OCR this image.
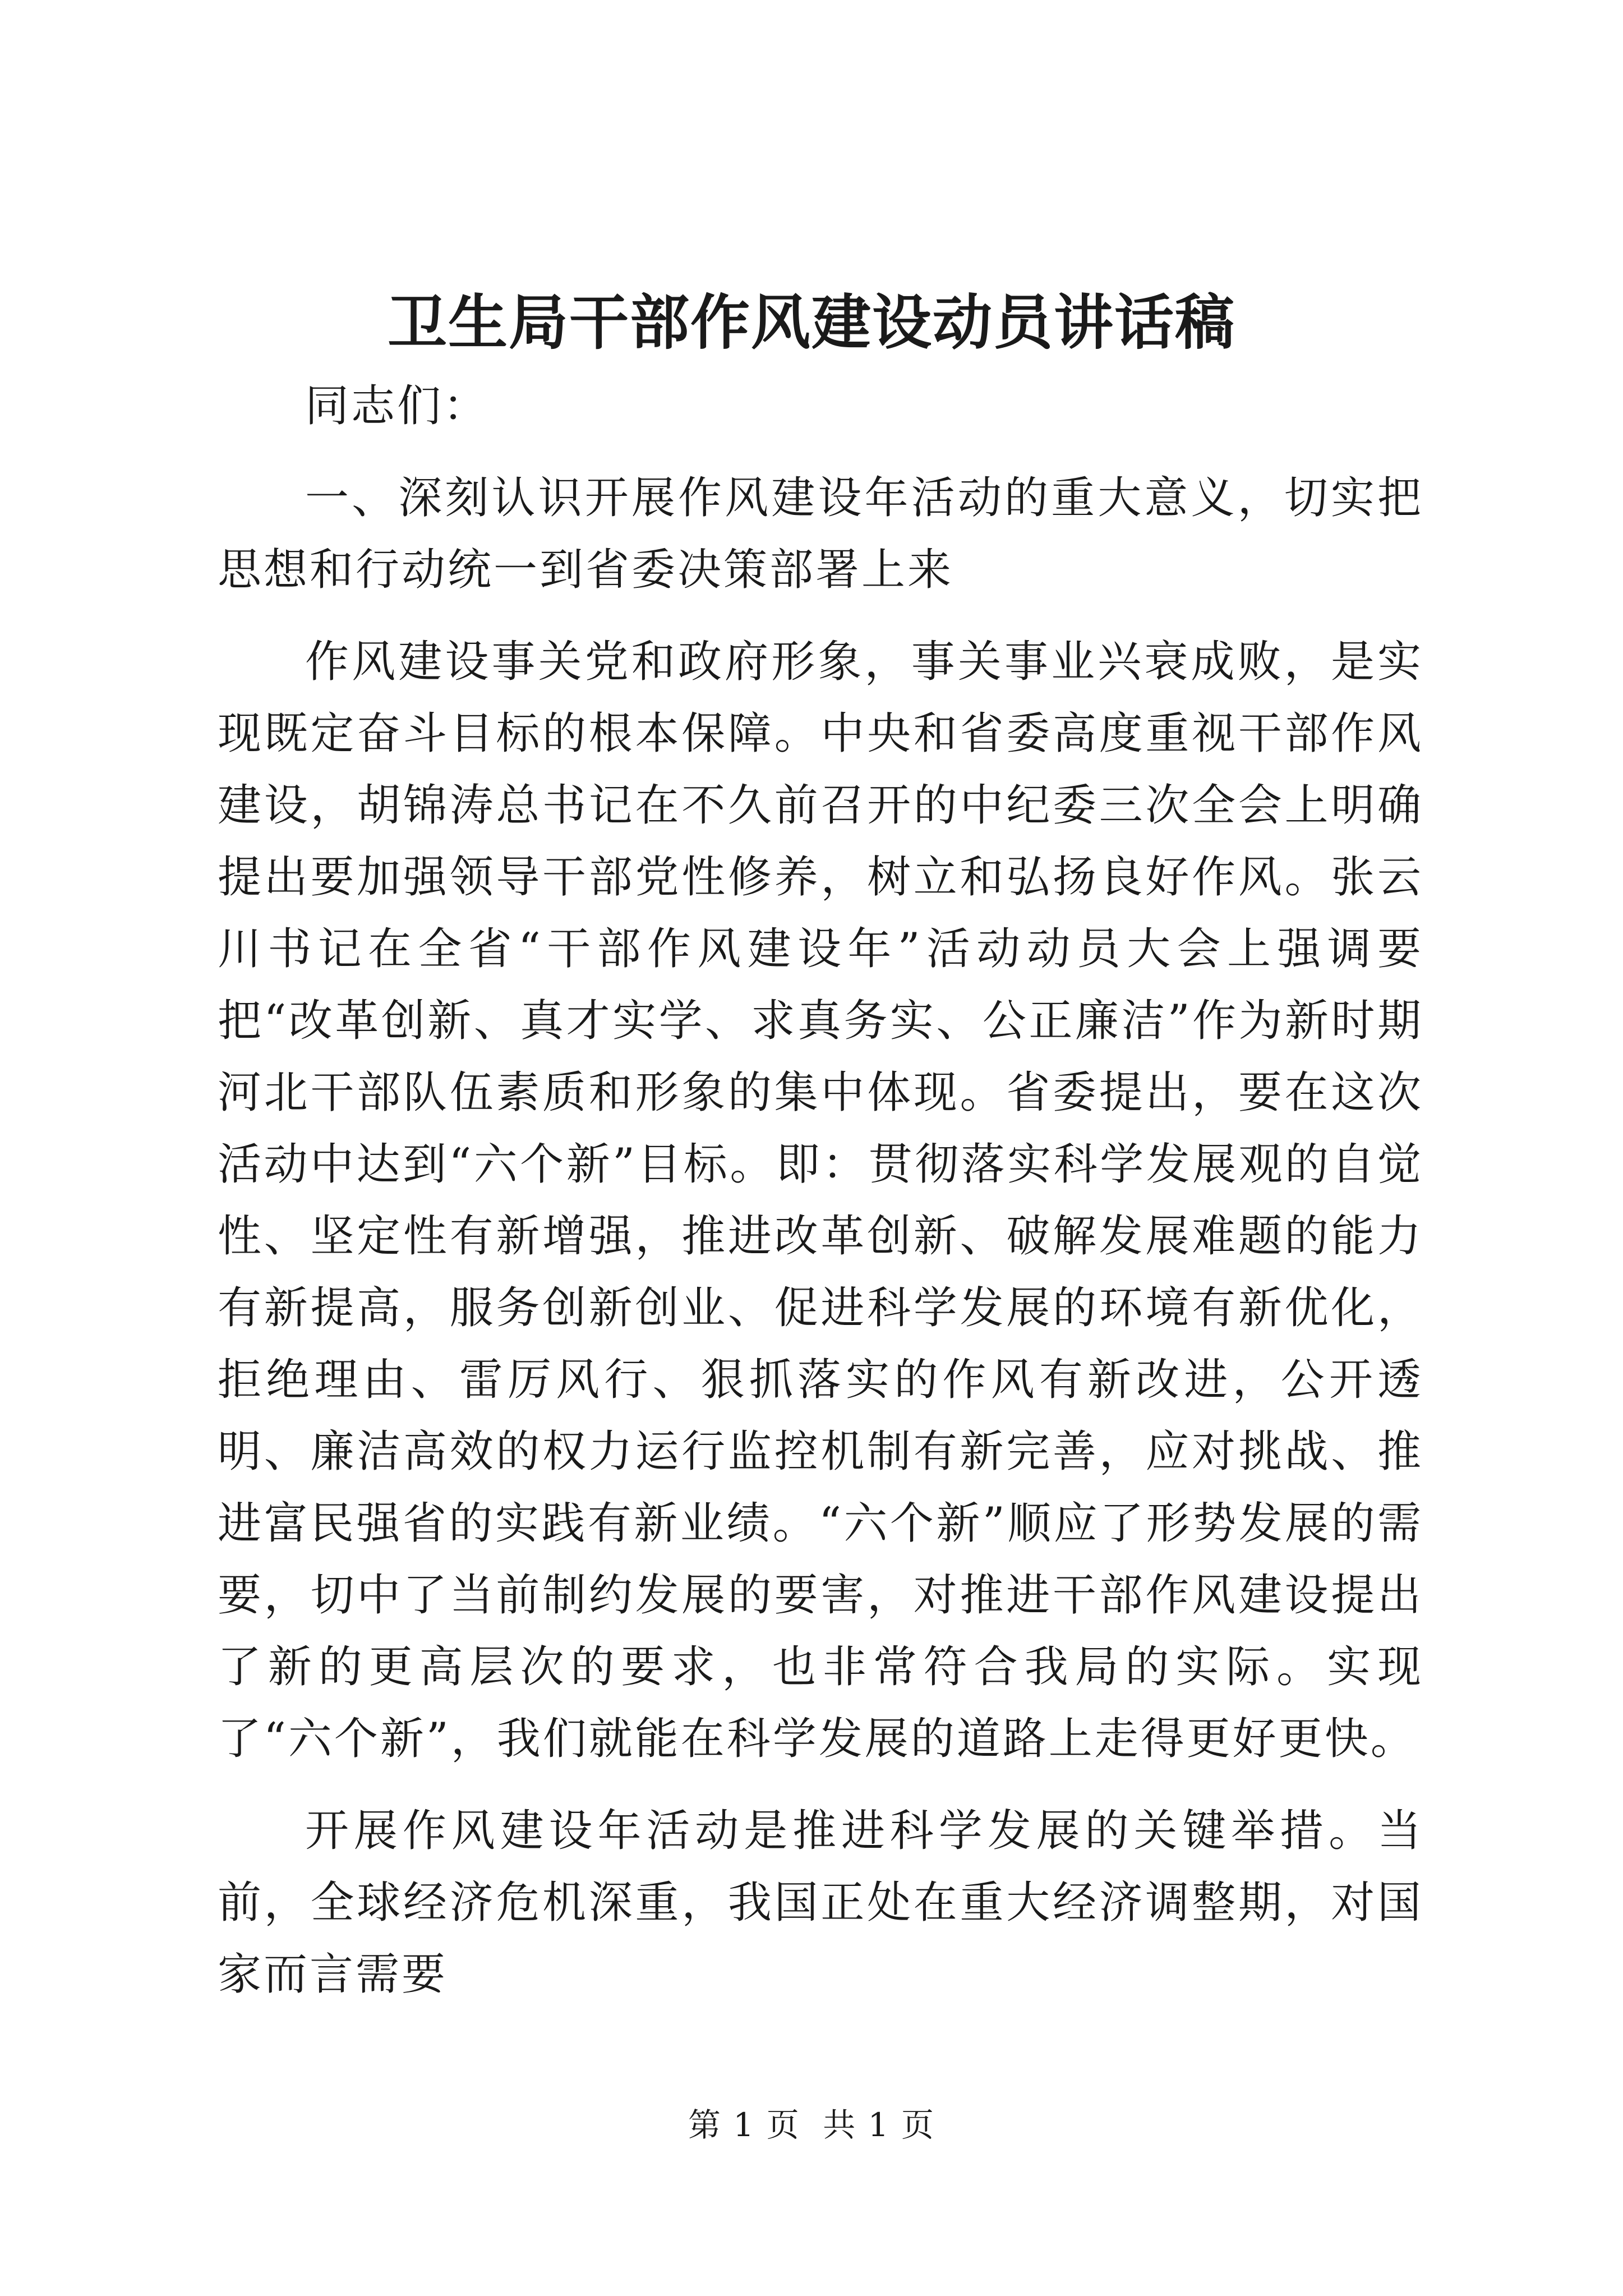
卫生局干部作风建设动员讲话稿

同志们：

一、深刻认识开展作风建设年活动的重大意义，切实把思想和行动统一到省委决策部署上来

作风建设事关党和政府形象，事关事业兴衰成败，是实现既定奋斗目标的根本保障。中央和省委高度重视干部作风建设，胡锦涛总书记在不久前召开的中纪委三次全会上明确提出要加强领导干部党性修养，树立和弘扬良好作风。张云川书记在全省“干部作风建设年”活动动员大会上强调要把“改革创新、真才实学、求真务实、公正廉洁”作为新时期河北干部队伍素质和形象的集中体现。省委提出，要在这次活动中达到“六个新”目标。即：贯彻落实科学发展观的自觉性、坚定性有新增强，推进改革创新、破解发展难题的能力有新提高，服务创新创业、促进科学发展的环境有新优化，拒绝理由、雷厉风行、狠抓落实的作风有新改进，公开透明、廉洁高效的权力运行监控机制有新完善，应对挑战、推进富民强省的实践有新业绩。“六个新”顺应了形势发展的需要，切中了当前制约发展的要害，对推进干部作风建设提出了新的更高层次的要求，也非常符合我局的实际。实现了“六个新”，我们就能在科学发展的道路上走得更好更快。

开展作风建设年活动是推进科学发展的关键举措。当前，全球经济危机深重，我国正处在重大经济调整期，对国家而言需要

第 1 页 共 1 页
